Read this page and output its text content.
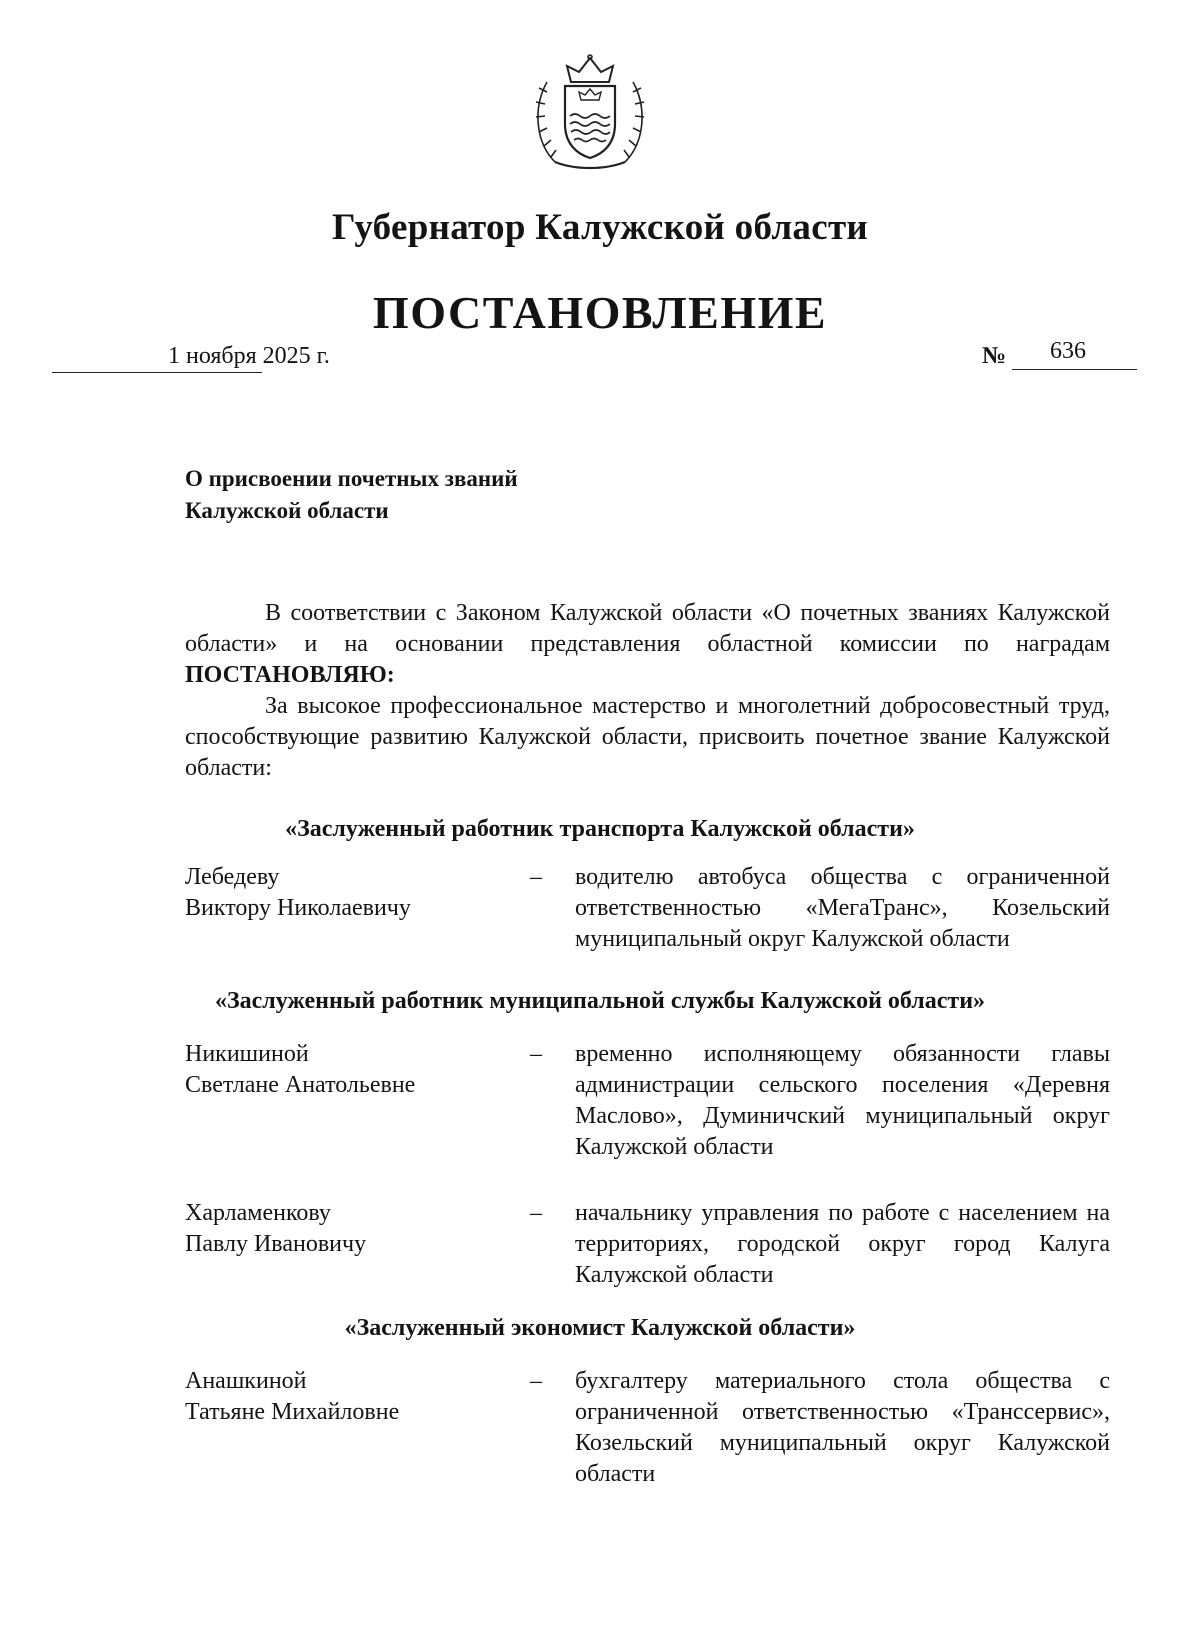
Губернатор Калужской области
ПОСТАНОВЛЕНИЕ
1 ноября 2025 г.	№ 636
О присвоении почетных званий
Калужской области
В соответствии с Законом Калужской области «О почетных званиях Калужской области» и на основании представления областной комиссии по наградам ПОСТАНОВЛЯЮ:
За высокое профессиональное мастерство и многолетний добросовестный труд, способствующие развитию Калужской области, присвоить почетное звание Калужской области:
«Заслуженный работник транспорта Калужской области»
Лебедеву
Виктору Николаевичу
– водителю автобуса общества с ограниченной ответственностью «МегаТранс», Козельский муниципальный округ Калужской области
«Заслуженный работник муниципальной службы Калужской области»
Никишиной
Светлане Анатольевне
– временно исполняющему обязанности главы администрации сельского поселения «Деревня Маслово», Думиничский муниципальный округ Калужской области
Харламенкову
Павлу Ивановичу
– начальнику управления по работе с населением на территориях, городской округ город Калуга Калужской области
«Заслуженный экономист Калужской области»
Анашкиной
Татьяне Михайловне
– бухгалтеру материального стола общества с ограниченной ответственностью «Транссервис», Козельский муниципальный округ Калужской области
